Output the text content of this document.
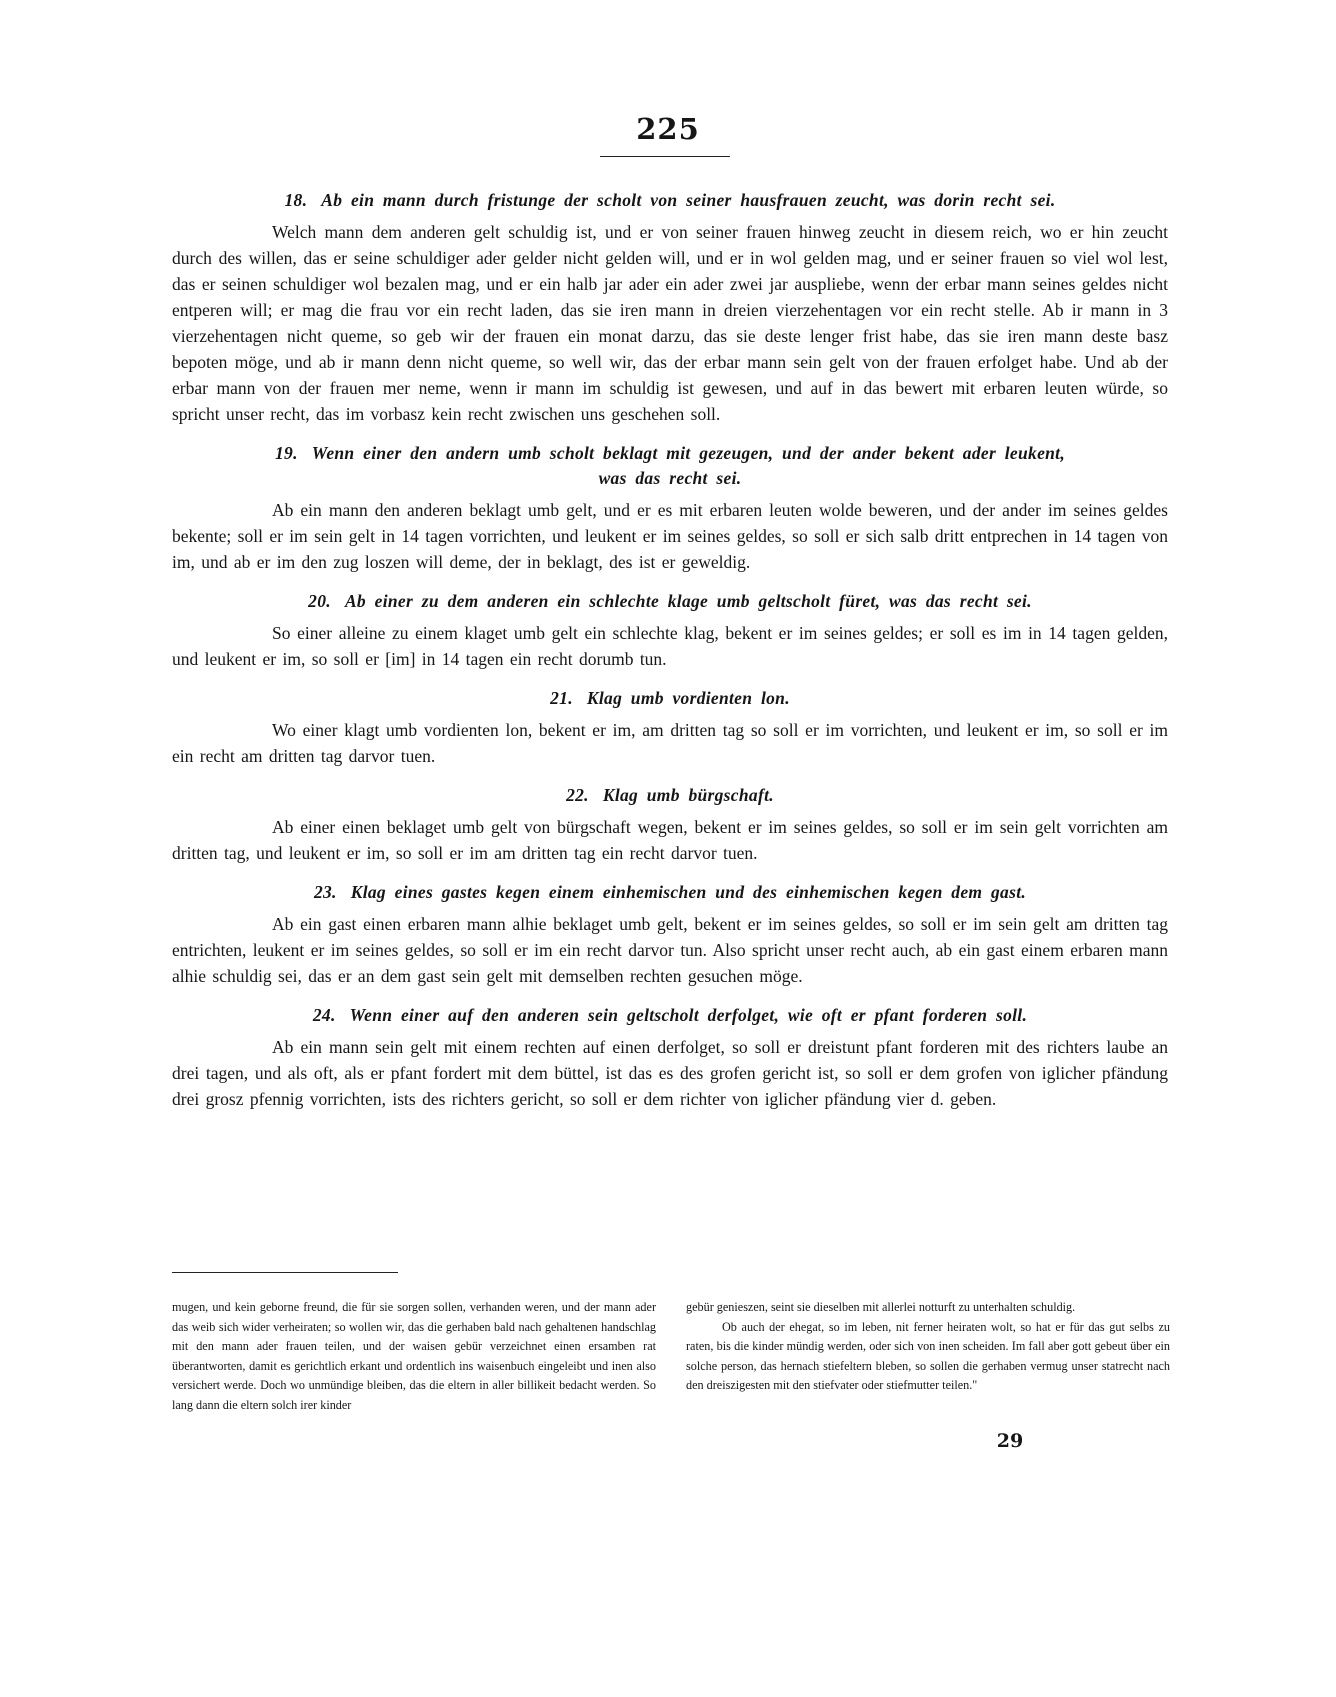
225
18. Ab ein mann durch fristunge der scholt von seiner hausfrauen zeucht, was dorin recht sei.

Welch mann dem anderen gelt schuldig ist, und er von seiner frauen hinweg zeucht in diesem reich, wo er hin zeucht durch des willen, das er seine schuldiger ader gelder nicht gelden will, und er in wol gelden mag, und er seiner frauen so viel wol lest, das er seinen schuldiger wol bezalen mag, und er ein halb jar ader ein ader zwei jar auspliebe, wenn der erbar mann seines geldes nicht entperen will; er mag die frau vor ein recht laden, das sie iren mann in dreien vierzehentagen vor ein recht stelle. Ab ir mann in 3 vierzehentagen nicht queme, so geb wir der frauen ein monat darzu, das sie deste lenger frist habe, das sie iren mann deste basz bepoten möge, und ab ir mann denn nicht queme, so well wir, das der erbar mann sein gelt von der frauen erfolget habe. Und ab der erbar mann von der frauen mer neme, wenn ir mann im schuldig ist gewesen, und auf in das bewert mit erbaren leuten würde, so spricht unser recht, das im vorbasz kein recht zwischen uns geschehen soll.

19. Wenn einer den andern umb scholt beklagt mit gezeugen, und der ander bekent ader leukent,
was das recht sei.

Ab ein mann den anderen beklagt umb gelt, und er es mit erbaren leuten wolde beweren, und der ander im seines geldes bekente; soll er im sein gelt in 14 tagen vorrichten, und leukent er im seines geldes, so soll er sich salb dritt entprechen in 14 tagen von im, und ab er im den zug loszen will deme, der in beklagt, des ist er geweldig.

20. Ab einer zu dem anderen ein schlechte klage umb geltscholt füret, was das recht sei.

So einer alleine zu einem klaget umb gelt ein schlechte klag, bekent er im seines geldes; er soll es im in 14 tagen gelden, und leukent er im, so soll er [im] in 14 tagen ein recht dorumb tun.

21. Klag umb vordienten lon.

Wo einer klagt umb vordienten lon, bekent er im, am dritten tag so soll er im vorrichten, und leukent er im, so soll er im ein recht am dritten tag darvor tuen.

22. Klag umb bürgschaft.

Ab einer einen beklaget umb gelt von bürgschaft wegen, bekent er im seines geldes, so soll er im sein gelt vorrichten am dritten tag, und leukent er im, so soll er im am dritten tag ein recht darvor tuen.

23. Klag eines gastes kegen einem einhemischen und des einhemischen kegen dem gast.

Ab ein gast einen erbaren mann alhie beklaget umb gelt, bekent er im seines geldes, so soll er im sein gelt am dritten tag entrichten, leukent er im seines geldes, so soll er im ein recht darvor tun. Also spricht unser recht auch, ab ein gast einem erbaren mann alhie schuldig sei, das er an dem gast sein gelt mit demselben rechten gesuchen möge.

24. Wenn einer auf den anderen sein geltscholt derfolget, wie oft er pfant forderen soll.

Ab ein mann sein gelt mit einem rechten auf einen derfolget, so soll er dreistunt pfant forderen mit des richters laube an drei tagen, und als oft, als er pfant fordert mit dem büttel, ist das es des grofen gericht ist, so soll er dem grofen von iglicher pfändung drei grosz pfennig vorrichten, ists des richters gericht, so soll er dem richter von iglicher pfändung vier d. geben.

mugen, und kein geborne freund, die für sie sorgen sollen, verhanden weren, und der mann ader das weib sich wider verheiraten; so wollen wir, das die gerhaben bald nach gehaltenen handschlag mit den mann ader frauen teilen, und der waisen gebür verzeichnet einen ersamben rat überantworten, damit es gerichtlich erkant und ordentlich ins waisenbuch eingeleibt und inen also versichert werde. Doch wo unmündige bleiben, das die eltern in aller billikeit bedacht werden. So lang dann die eltern solch irer kinder

gebür genieszen, seint sie dieselben mit allerlei notturft zu unterhalten schuldig.

Ob auch der ehegat, so im leben, nit ferner heiraten wolt, so hat er für das gut selbs zu raten, bis die kinder mündig werden, oder sich von inen scheiden. Im fall aber gott gebeut über ein solche person, das hernach stiefeltern bleben, so sollen die gerhaben vermug unser statrecht nach den dreiszigesten mit den stiefvater oder stiefmutter teilen."

29
